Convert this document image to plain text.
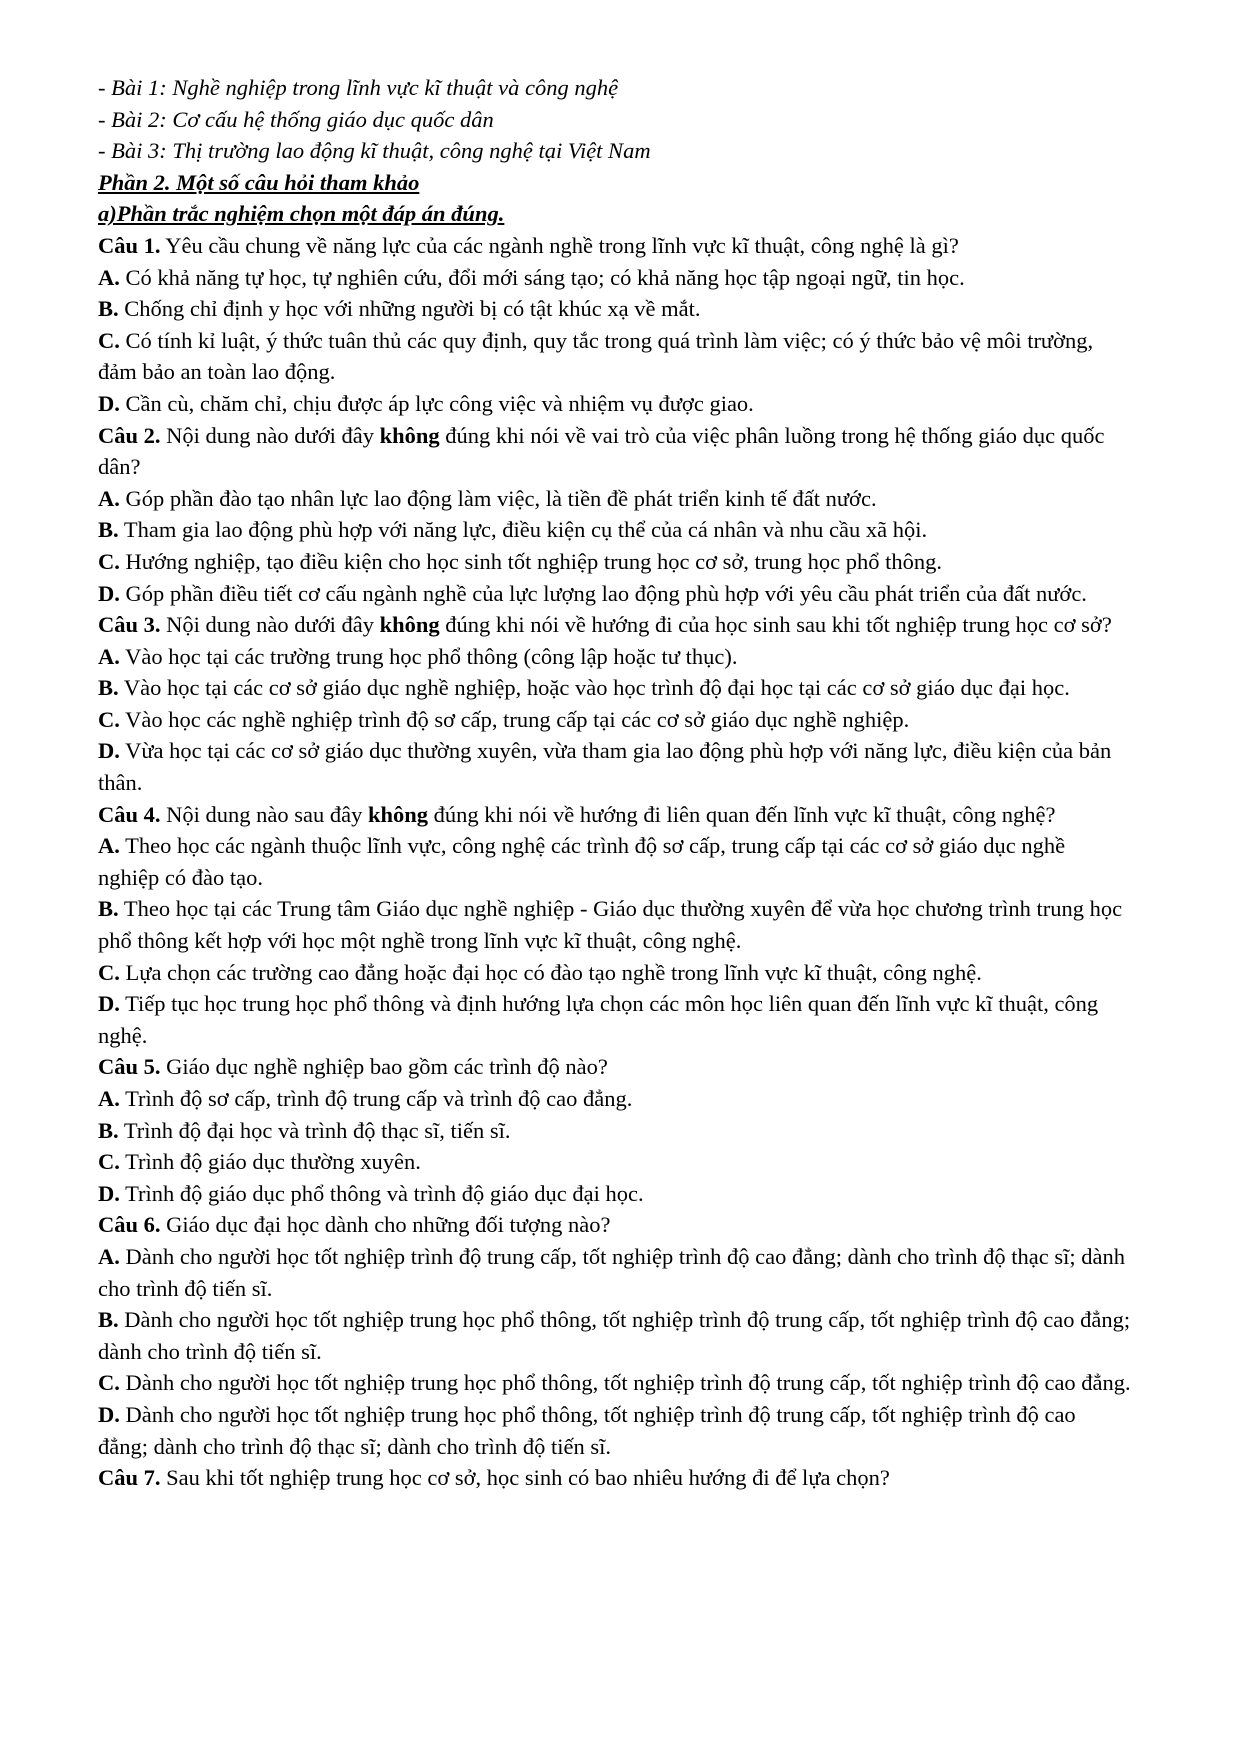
- Bài 1: Nghề nghiệp trong lĩnh vực kĩ thuật và công nghệ

- Bài 2: Cơ cấu hệ thống giáo dục quốc dân

- Bài 3: Thị trường lao động kĩ thuật, công nghệ tại Việt Nam

Phần 2. Một số câu hỏi tham khảo

a)Phần trắc nghiệm chọn một đáp án đúng.

Câu 1. Yêu cầu chung về năng lực của các ngành nghề trong lĩnh vực kĩ thuật, công nghệ là gì?

A. Có khả năng tự học, tự nghiên cứu, đổi mới sáng tạo; có khả năng học tập ngoại ngữ, tin học.

B. Chống chỉ định y học với những người bị có tật khúc xạ về mắt.

C. Có tính kỉ luật, ý thức tuân thủ các quy định, quy tắc trong quá trình làm việc; có ý thức bảo vệ môi trường, đảm bảo an toàn lao động.

D. Cần cù, chăm chỉ, chịu được áp lực công việc và nhiệm vụ được giao.

Câu 2. Nội dung nào dưới đây không đúng khi nói về vai trò của việc phân luồng trong hệ thống giáo dục quốc dân?

A. Góp phần đào tạo nhân lực lao động làm việc, là tiền đề phát triển kinh tế đất nước.

B. Tham gia lao động phù hợp với năng lực, điều kiện cụ thể của cá nhân và nhu cầu xã hội.

C. Hướng nghiệp, tạo điều kiện cho học sinh tốt nghiệp trung học cơ sở, trung học phổ thông.

D. Góp phần điều tiết cơ cấu ngành nghề của lực lượng lao động phù hợp với yêu cầu phát triển của đất nước.

Câu 3. Nội dung nào dưới đây không đúng khi nói về hướng đi của học sinh sau khi tốt nghiệp trung học cơ sở?

A. Vào học tại các trường trung học phổ thông (công lập hoặc tư thục).

B. Vào học tại các cơ sở giáo dục nghề nghiệp, hoặc vào học trình độ đại học tại các cơ sở giáo dục đại học.

C. Vào học các nghề nghiệp trình độ sơ cấp, trung cấp tại các cơ sở giáo dục nghề nghiệp.

D. Vừa học tại các cơ sở giáo dục thường xuyên, vừa tham gia lao động phù hợp với năng lực, điều kiện của bản thân.

Câu 4. Nội dung nào sau đây không đúng khi nói về hướng đi liên quan đến lĩnh vực kĩ thuật, công nghệ?

A. Theo học các ngành thuộc lĩnh vực, công nghệ các trình độ sơ cấp, trung cấp tại các cơ sở giáo dục nghề nghiệp có đào tạo.

B. Theo học tại các Trung tâm Giáo dục nghề nghiệp - Giáo dục thường xuyên để vừa học chương trình trung học phổ thông kết hợp với học một nghề trong lĩnh vực kĩ thuật, công nghệ.

C. Lựa chọn các trường cao đẳng hoặc đại học có đào tạo nghề trong lĩnh vực kĩ thuật, công nghệ.

D. Tiếp tục học trung học phổ thông và định hướng lựa chọn các môn học liên quan đến lĩnh vực kĩ thuật, công nghệ.

Câu 5. Giáo dục nghề nghiệp bao gồm các trình độ nào?

A. Trình độ sơ cấp, trình độ trung cấp và trình độ cao đẳng.

B. Trình độ đại học và trình độ thạc sĩ, tiến sĩ.

C. Trình độ giáo dục thường xuyên.

D. Trình độ giáo dục phổ thông và trình độ giáo dục đại học.

Câu 6. Giáo dục đại học dành cho những đối tượng nào?

A. Dành cho người học tốt nghiệp trình độ trung cấp, tốt nghiệp trình độ cao đẳng; dành cho trình độ thạc sĩ; dành cho trình độ tiến sĩ.

B. Dành cho người học tốt nghiệp trung học phổ thông, tốt nghiệp trình độ trung cấp, tốt nghiệp trình độ cao đẳng; dành cho trình độ tiến sĩ.

C. Dành cho người học tốt nghiệp trung học phổ thông, tốt nghiệp trình độ trung cấp, tốt nghiệp trình độ cao đẳng.

D. Dành cho người học tốt nghiệp trung học phổ thông, tốt nghiệp trình độ trung cấp, tốt nghiệp trình độ cao đẳng; dành cho trình độ thạc sĩ; dành cho trình độ tiến sĩ.

Câu 7. Sau khi tốt nghiệp trung học cơ sở, học sinh có bao nhiêu hướng đi để lựa chọn?
